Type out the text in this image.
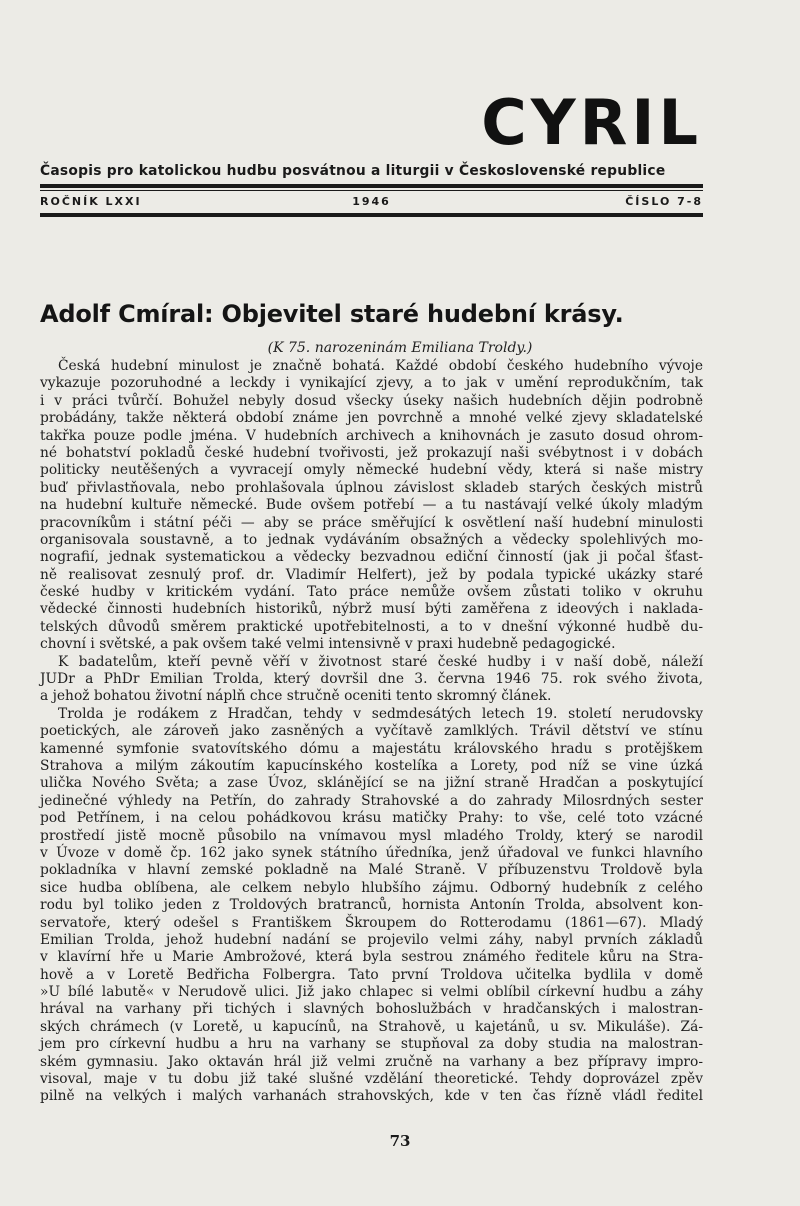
CYRIL
Časopis pro katolickou hudbu posvátnou a liturgii v Československé republice
ROČNÍK LXXI	1946	ČÍSLO 7-8
Adolf Cmíral: Objevitel staré hudební krásy.
(K 75. narozeninám Emiliana Troldy.)
Česká hudební minulost je značně bohatá. Každé období českého hudebního vývoje
vykazuje pozoruhodné a leckdy i vynikající zjevy, a to jak v umění reprodukčním, tak
i v práci tvůrčí. Bohužel nebyly dosud všecky úseky našich hudebních dějin podrobně
probádány, takže některá období známe jen povrchně a mnohé velké zjevy skladatelské
takřka pouze podle jména. V hudebních archivech a knihovnách je zasuto dosud ohrom-
né bohatství pokladů české hudební tvořivosti, jež prokazují naši svébytnost i v dobách
politicky neutěšených a vyvracejí omyly německé hudební vědy, která si naše mistry
buď přivlastňovala, nebo prohlašovala úplnou závislost skladeb starých českých mistrů
na hudební kultuře německé. Bude ovšem potřebí — a tu nastávají velké úkoly mladým
pracovníkům i státní péči — aby se práce směřující k osvětlení naší hudební minulosti
organisovala soustavně, a to jednak vydáváním obsažných a vědecky spolehlivých mo-
nografií, jednak systematickou a vědecky bezvadnou ediční činností (jak ji počal šťast-
ně realisovat zesnulý prof. dr. Vladimír Helfert), jež by podala typické ukázky staré
české hudby v kritickém vydání. Tato práce nemůže ovšem zůstati toliko v okruhu
vědecké činnosti hudebních historiků, nýbrž musí býti zaměřena z ideových i naklada-
telských důvodů směrem praktické upotřebitelnosti, a to v dnešní výkonné hudbě du-
chovní i světské, a pak ovšem také velmi intensivně v praxi hudebně pedagogické.
K badatelům, kteří pevně věří v životnost staré české hudby i v naší době, náleží
JUDr a PhDr Emilian Trolda, který dovršil dne 3. června 1946 75. rok svého života,
a jehož bohatou životní náplň chce stručně oceniti tento skromný článek.
Trolda je rodákem z Hradčan, tehdy v sedmdesátých letech 19. století nerudovsky
poetických, ale zároveň jako zasněných a vyčítavě zamlklých. Trávil dětství ve stínu
kamenné symfonie svatovítského dómu a majestátu královského hradu s protějškem
Strahova a milým zákoutím kapucínského kostelíka a Lorety, pod níž se vine úzká
ulička Nového Světa; a zase Úvoz, sklánějící se na jižní straně Hradčan a poskytující
jedinečné výhledy na Petřín, do zahrady Strahovské a do zahrady Milosrdných sester
pod Petřínem, i na celou pohádkovou krásu matičky Prahy: to vše, celé toto vzácné
prostředí jistě mocně působilo na vnímavou mysl mladého Troldy, který se narodil
v Úvoze v domě čp. 162 jako synek státního úředníka, jenž úřadoval ve funkci hlavního
pokladníka v hlavní zemské pokladně na Malé Straně. V příbuzenstvu Troldově byla
sice hudba oblíbena, ale celkem nebylo hlubšího zájmu. Odborný hudebník z celého
rodu byl toliko jeden z Troldových bratranců, hornista Antonín Trolda, absolvent kon-
servatoře, který odešel s Františkem Škroupem do Rotterodamu (1861—67). Mladý
Emilian Trolda, jehož hudební nadání se projevilo velmi záhy, nabyl prvních základů
v klavírní hře u Marie Ambrožové, která byla sestrou známého ředitele kůru na Stra-
hově a v Loretě Bedřicha Folbergra. Tato první Troldova učitelka bydlila v domě
»U bílé labutě« v Nerudově ulici. Již jako chlapec si velmi oblíbil církevní hudbu a záhy
hrával na varhany při tichých i slavných bohoslužbách v hradčanských i malostran-
ských chrámech (v Loretě, u kapucínů, na Strahově, u kajetánů, u sv. Mikuláše). Zá-
jem pro církevní hudbu a hru na varhany se stupňoval za doby studia na malostran-
ském gymnasiu. Jako oktaván hrál již velmi zručně na varhany a bez přípravy impro-
visoval, maje v tu dobu již také slušné vzdělání theoretické. Tehdy doprovázel zpěv
pilně na velkých i malých varhanách strahovských, kde v ten čas řízně vládl ředitel
73
